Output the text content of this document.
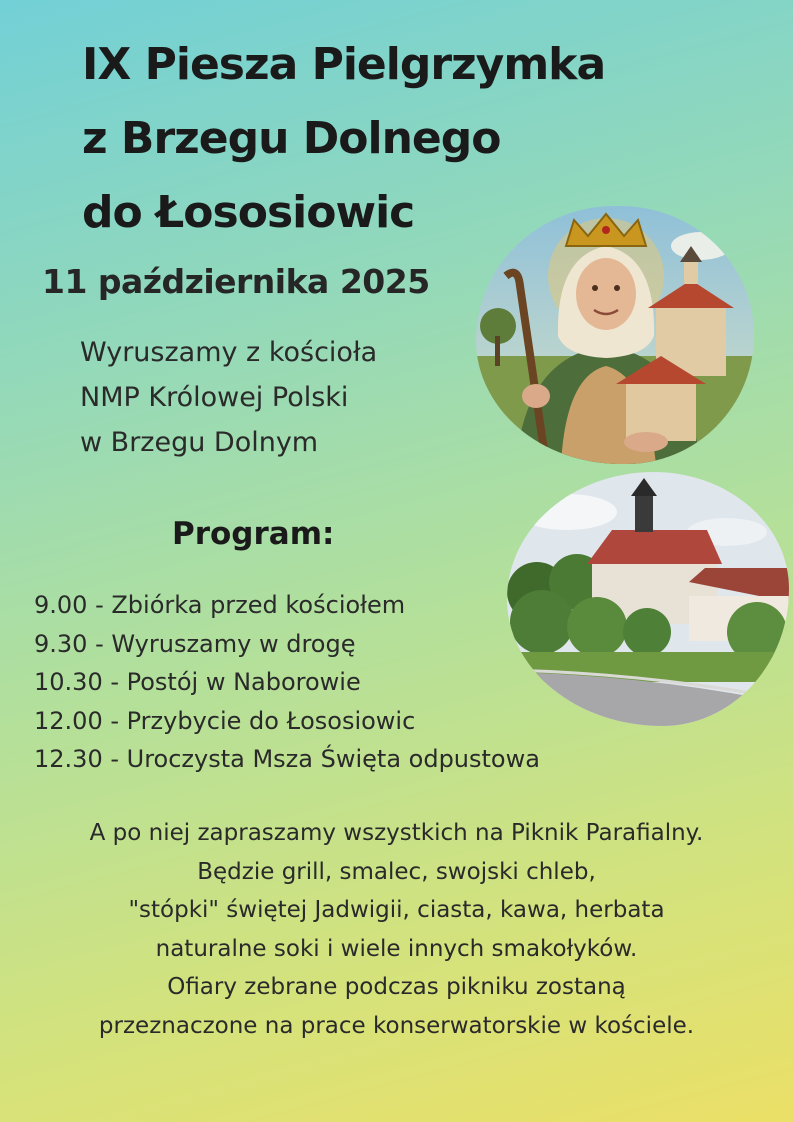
IX Piesza Pielgrzymka
z Brzegu Dolnego
do Łososiowic
11 października 2025
Wyruszamy z kościoła
NMP Królowej Polski
w Brzegu Dolnym
Program:
9.00 - Zbiórka przed kościołem
9.30 - Wyruszamy w drogę
10.30 - Postój w Naborowie
12.00 - Przybycie do Łososiowic
12.30 - Uroczysta Msza Święta odpustowa
A po niej zapraszamy wszystkich na Piknik Parafialny.
Będzie grill, smalec, swojski chleb,
"stópki" świętej Jadwigii, ciasta, kawa, herbata
naturalne soki i wiele innych smakołyków.
Ofiary zebrane podczas pikniku zostaną
przeznaczone na prace konserwatorskie w kościele.
